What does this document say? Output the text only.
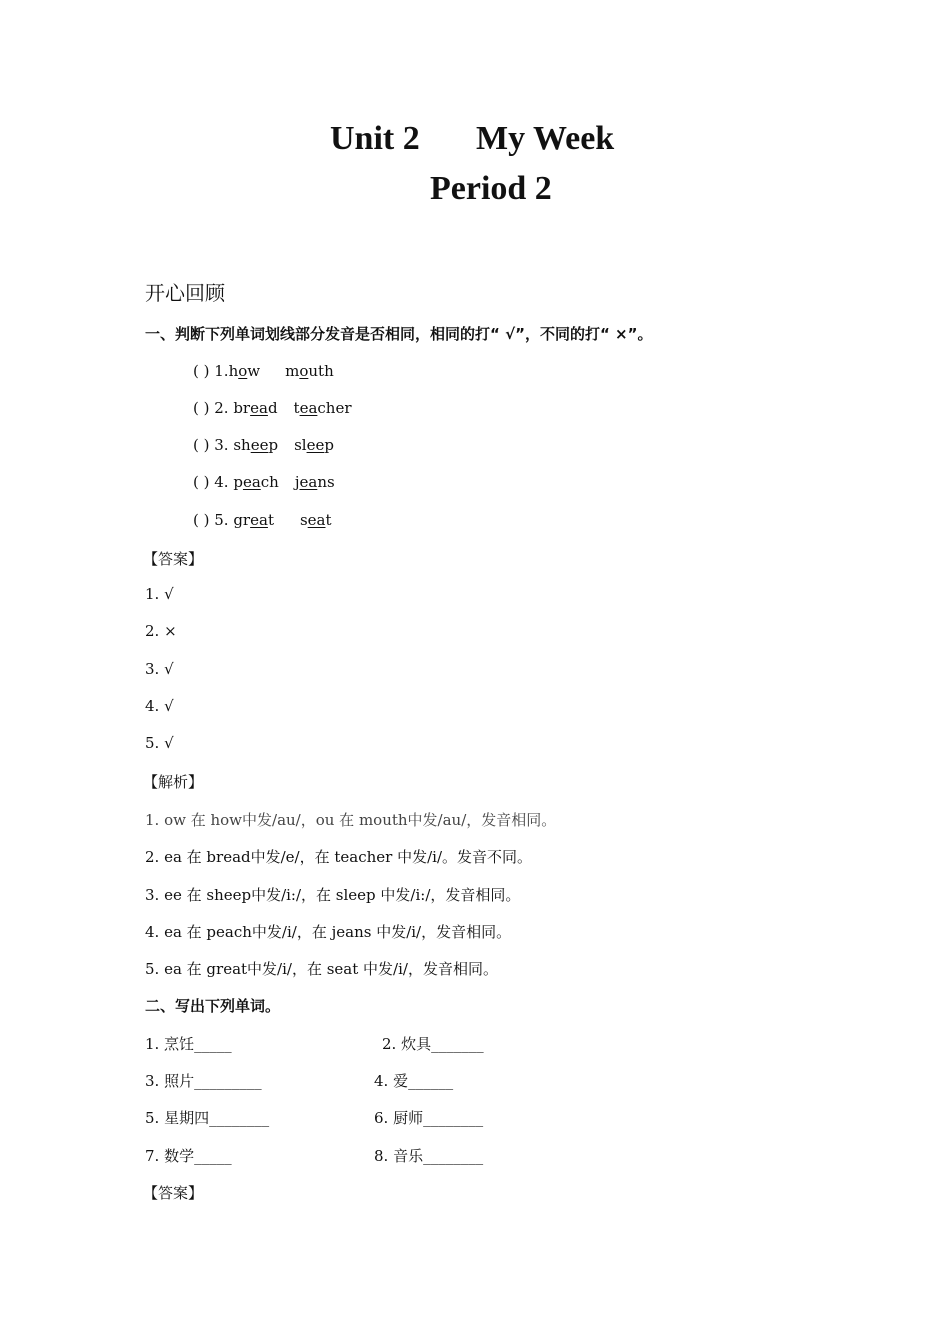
Unit 2 My Week
Period 2
开心回顾
一、判断下列单词划线部分发音是否相同，相同的打“ √”，不同的打“ ×”。
( ) 1.how mouth
( ) 2. bread teacher
( ) 3. sheep sleep
( ) 4. peach jeans
( ) 5. great seat
【答案】
1. √
2. ×
3. √
4. √
5. √
【解析】
1. ow 在 how中发/au/，ou 在 mouth中发/au/，发音相同。
2. ea 在 bread中发/e/，在 teacher 中发/i/。发音不同。
3. ee 在 sheep中发/i:/，在 sleep 中发/i:/，发音相同。
4. ea 在 peach中发/i/，在 jeans 中发/i/，发音相同。
5. ea 在 great中发/i/，在 seat 中发/i/，发音相同。
二、写出下列单词。
1. 烹饪_____	2. 炊具_______
3. 照片_________	4. 爱______
5. 星期四________	6. 厨师________
7. 数学_____	8. 音乐________
【答案】
